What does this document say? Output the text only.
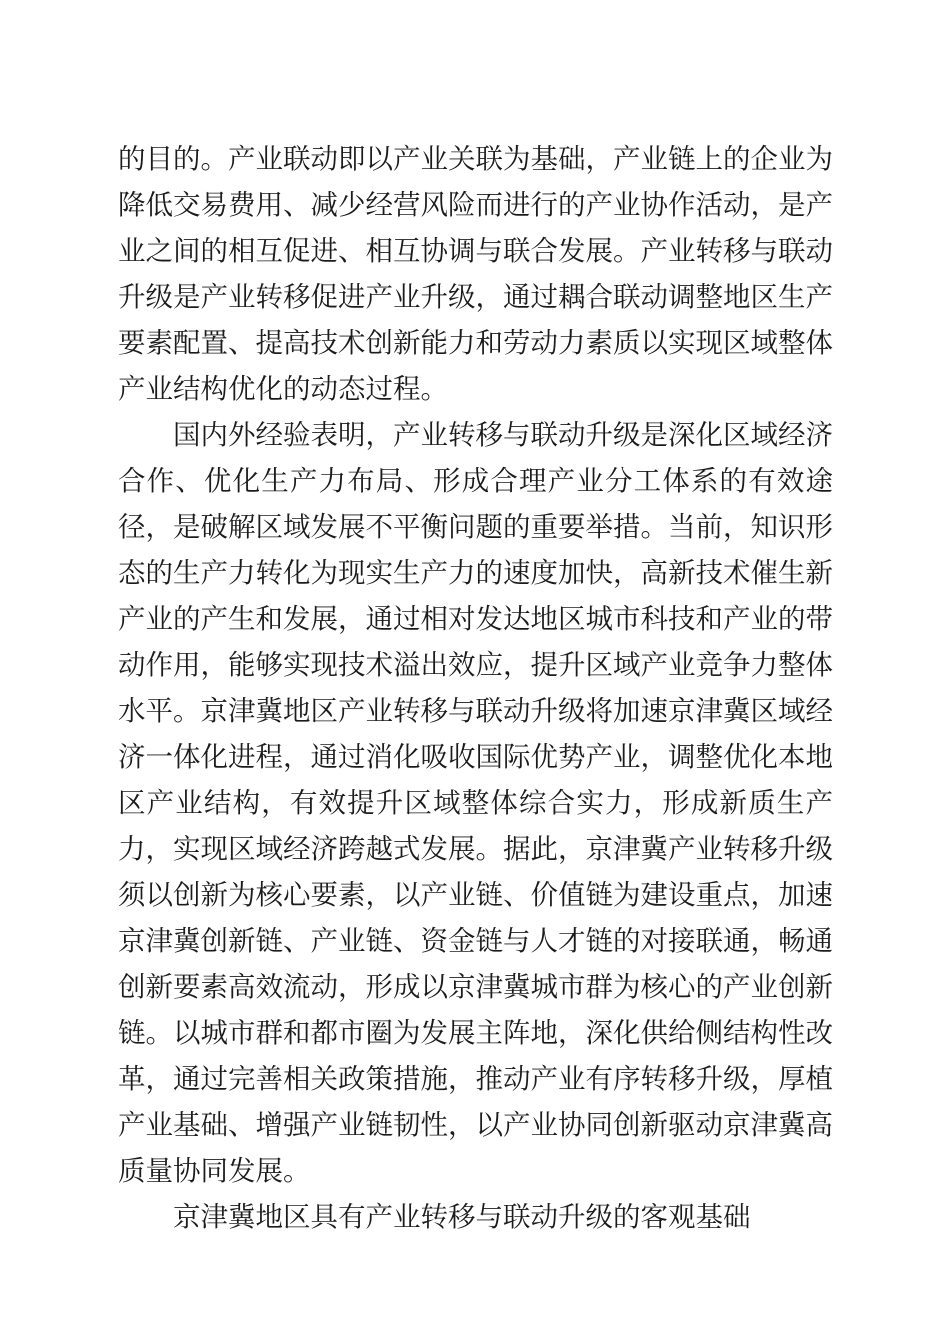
的目的。产业联动即以产业关联为基础，产业链上的企业为降低交易费用、减少经营风险而进行的产业协作活动，是产业之间的相互促进、相互协调与联合发展。产业转移与联动升级是产业转移促进产业升级，通过耦合联动调整地区生产要素配置、提高技术创新能力和劳动力素质以实现区域整体产业结构优化的动态过程。

国内外经验表明，产业转移与联动升级是深化区域经济合作、优化生产力布局、形成合理产业分工体系的有效途径，是破解区域发展不平衡问题的重要举措。当前，知识形态的生产力转化为现实生产力的速度加快，高新技术催生新产业的产生和发展，通过相对发达地区城市科技和产业的带动作用，能够实现技术溢出效应，提升区域产业竞争力整体水平。京津冀地区产业转移与联动升级将加速京津冀区域经济一体化进程，通过消化吸收国际优势产业，调整优化本地区产业结构，有效提升区域整体综合实力，形成新质生产力，实现区域经济跨越式发展。据此，京津冀产业转移升级须以创新为核心要素，以产业链、价值链为建设重点，加速京津冀创新链、产业链、资金链与人才链的对接联通，畅通创新要素高效流动，形成以京津冀城市群为核心的产业创新链。以城市群和都市圈为发展主阵地，深化供给侧结构性改革，通过完善相关政策措施，推动产业有序转移升级，厚植产业基础、增强产业链韧性，以产业协同创新驱动京津冀高质量协同发展。

京津冀地区具有产业转移与联动升级的客观基础
